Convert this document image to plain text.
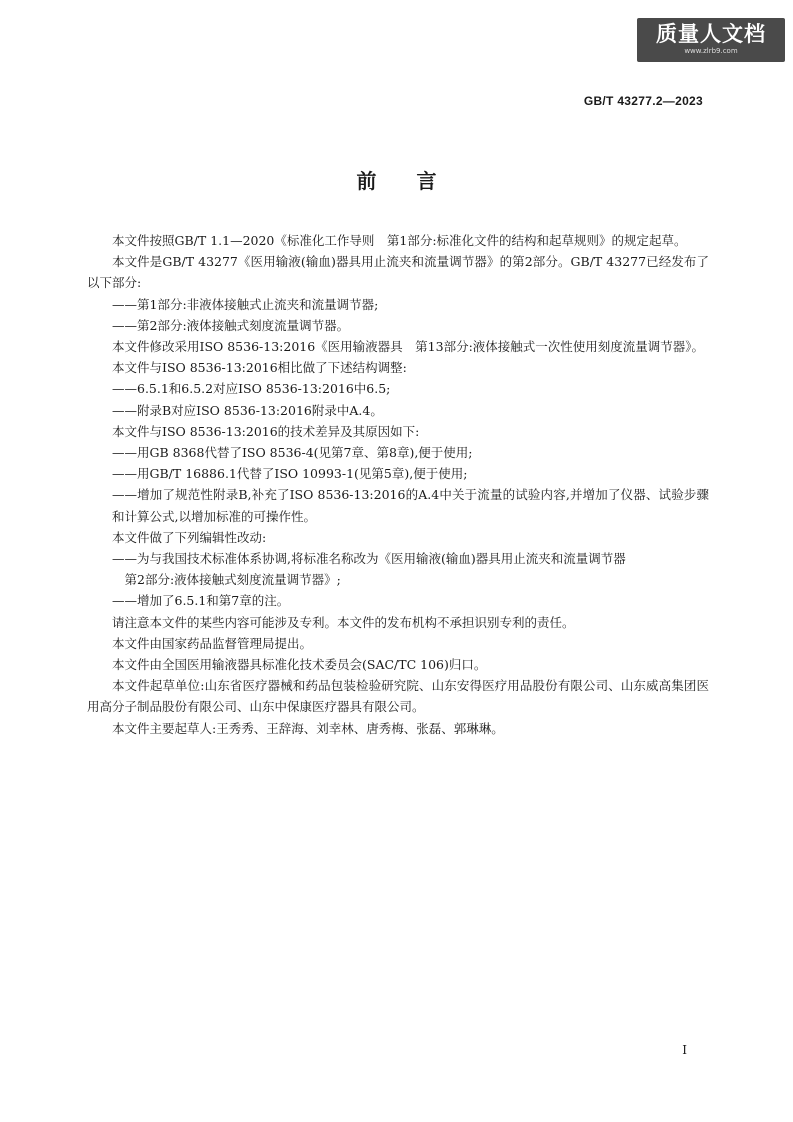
质量人文档
www.zlrb9.com
GB/T 43277.2—2023
前言

本文件按照GB/T 1.1—2020《标准化工作导则　第1部分:标准化文件的结构和起草规则》的规定起草。

本文件是GB/T 43277《医用输液(输血)器具用止流夹和流量调节器》的第2部分。GB/T 43277已经发布了以下部分:

——第1部分:非液体接触式止流夹和流量调节器;

——第2部分:液体接触式刻度流量调节器。

本文件修改采用ISO 8536-13:2016《医用输液器具　第13部分:液体接触式一次性使用刻度流量调节器》。

本文件与ISO 8536-13:2016相比做了下述结构调整:

——6.5.1和6.5.2对应ISO 8536-13:2016中6.5;

——附录B对应ISO 8536-13:2016附录中A.4。

本文件与ISO 8536-13:2016的技术差异及其原因如下:

——用GB 8368代替了ISO 8536-4(见第7章、第8章),便于使用;

——用GB/T 16886.1代替了ISO 10993-1(见第5章),便于使用;

——增加了规范性附录B,补充了ISO 8536-13:2016的A.4中关于流量的试验内容,并增加了仪器、试验步骤和计算公式,以增加标准的可操作性。

本文件做了下列编辑性改动:

——为与我国技术标准体系协调,将标准名称改为《医用输液(输血)器具用止流夹和流量调节器

第2部分:液体接触式刻度流量调节器》;

——增加了6.5.1和第7章的注。

请注意本文件的某些内容可能涉及专利。本文件的发布机构不承担识别专利的责任。

本文件由国家药品监督管理局提出。

本文件由全国医用输液器具标准化技术委员会(SAC/TC 106)归口。

本文件起草单位:山东省医疗器械和药品包装检验研究院、山东安得医疗用品股份有限公司、山东威高集团医用高分子制品股份有限公司、山东中保康医疗器具有限公司。

本文件主要起草人:王秀秀、王辞海、刘幸林、唐秀梅、张磊、郭琳琳。

I
